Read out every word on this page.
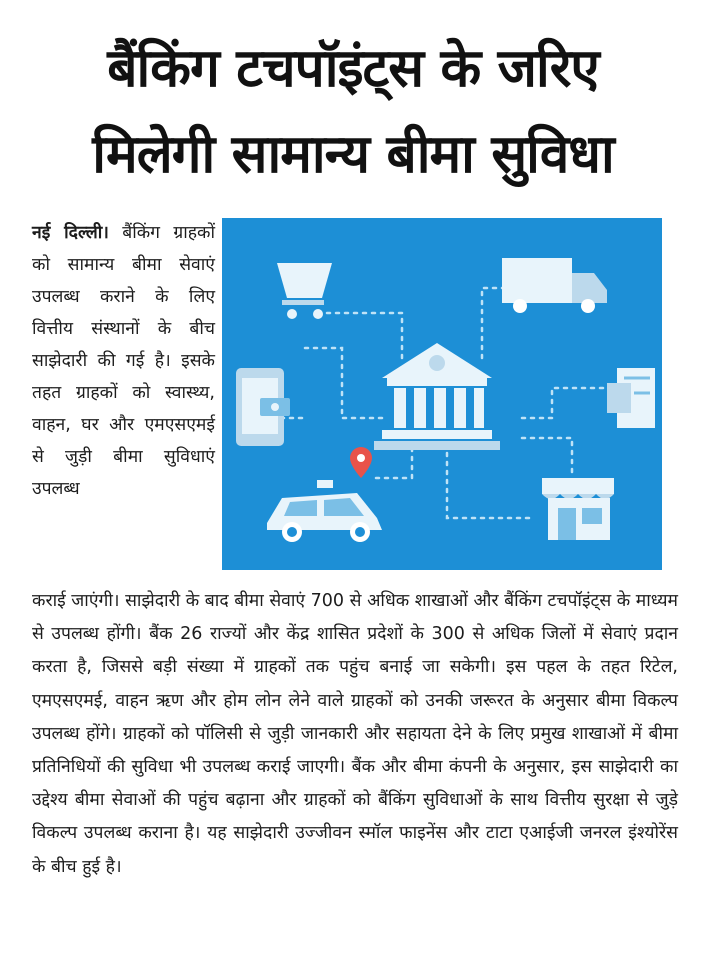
बैंकिंग टचपॉइंट्स के जरिए
मिलेगी सामान्य बीमा सुविधा
नई दिल्ली। बैंकिंग ग्राहकों को सामान्य बीमा सेवाएं उपलब्ध कराने के लिए वित्तीय संस्थानों के बीच साझेदारी की गई है। इसके तहत ग्राहकों को स्वास्थ्य, वाहन, घर और एमएसएमई से जुड़ी बीमा सुविधाएं उपलब्ध
कराई जाएंगी। साझेदारी के बाद बीमा सेवाएं 700 से अधिक शाखाओं और बैंकिंग टचपॉइंट्स के माध्यम से उपलब्ध होंगी। बैंक 26 राज्यों और केंद्र शासित प्रदेशों के 300 से अधिक जिलों में सेवाएं प्रदान करता है, जिससे बड़ी संख्या में ग्राहकों तक पहुंच बनाई जा सकेगी। इस पहल के तहत रिटेल, एमएसएमई, वाहन ऋण और होम लोन लेने वाले ग्राहकों को उनकी जरूरत के अनुसार बीमा विकल्प उपलब्ध होंगे। ग्राहकों को पॉलिसी से जुड़ी जानकारी और सहायता देने के लिए प्रमुख शाखाओं में बीमा प्रतिनिधियों की सुविधा भी उपलब्ध कराई जाएगी। बैंक और बीमा कंपनी के अनुसार, इस साझेदारी का उद्देश्य बीमा सेवाओं की पहुंच बढ़ाना और ग्राहकों को बैंकिंग सुविधाओं के साथ वित्तीय सुरक्षा से जुड़े विकल्प उपलब्ध कराना है। यह साझेदारी उज्जीवन स्मॉल फाइनेंस और टाटा एआईजी जनरल इंश्योरेंस के बीच हुई है।
